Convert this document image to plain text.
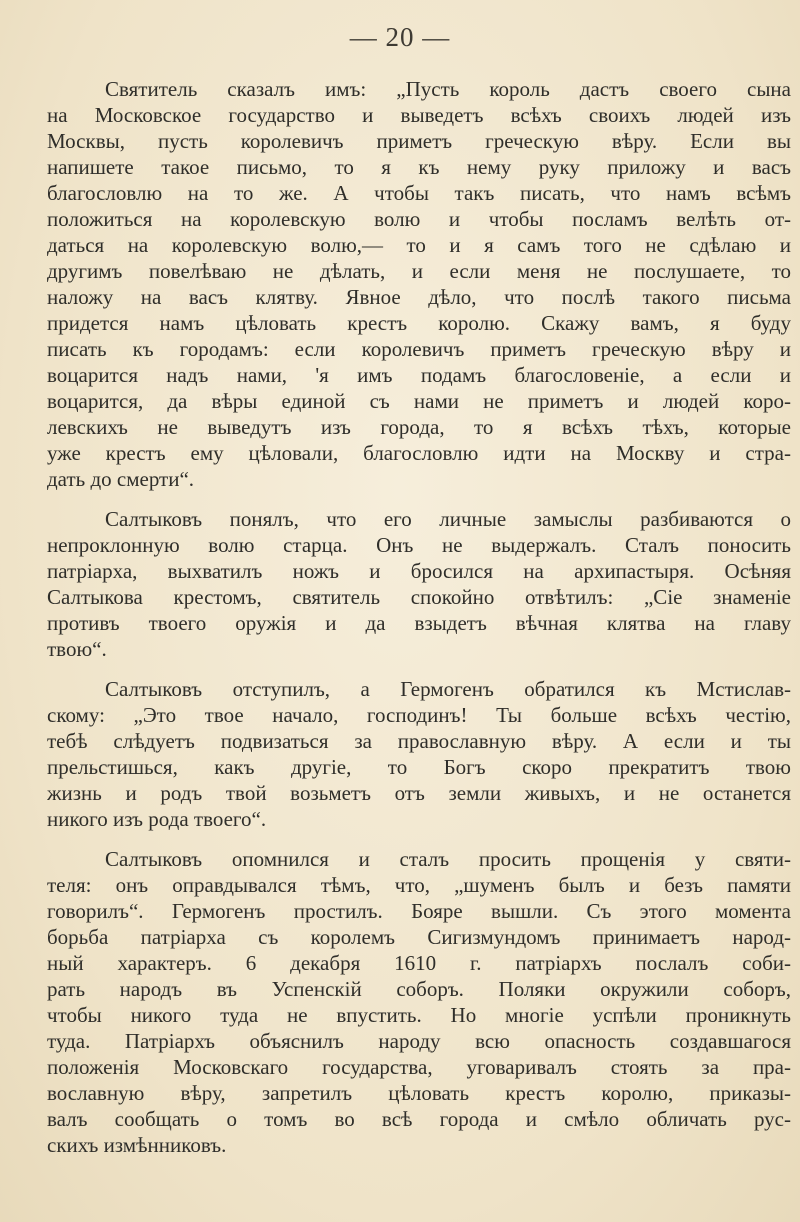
— 20 —
Святитель сказалъ имъ: „Пусть король дастъ своего сына
на Московское государство и выведетъ всѣхъ своихъ людей изъ
Москвы, пусть королевичъ приметъ греческую вѣру. Если вы
напишете такое письмо, то я къ нему руку приложу и васъ
благословлю на то же. А чтобы такъ писать, что намъ всѣмъ
положиться на королевскую волю и чтобы посламъ велѣть от-
даться на королевскую волю,— то и я самъ того не сдѣлаю и
другимъ повелѣваю не дѣлать, и если меня не послушаете, то
наложу на васъ клятву. Явное дѣло, что послѣ такого письма
придется намъ цѣловать крестъ королю. Скажу вамъ, я буду
писать къ городамъ: если королевичъ приметъ греческую вѣру и
воцарится надъ нами, 'я имъ подамъ благословеніе, а если и
воцарится, да вѣры единой съ нами не приметъ и людей коро-
левскихъ не выведутъ изъ города, то я всѣхъ тѣхъ, которые
уже крестъ ему цѣловали, благословлю идти на Москву и стра-
дать до смерти“.
Салтыковъ понялъ, что его личные замыслы разбиваются о
непроклонную волю старца. Онъ не выдержалъ. Сталъ поносить
патріарха, выхватилъ ножъ и бросился на архипастыря. Осѣняя
Салтыкова крестомъ, святитель спокойно отвѣтилъ: „Сіе знаменіе
противъ твоего оружія и да взыдетъ вѣчная клятва на главу
твою“.
Салтыковъ отступилъ, а Гермогенъ обратился къ Мстислав-
скому: „Это твое начало, господинъ! Ты больше всѣхъ честію,
тебѣ слѣдуетъ подвизаться за православную вѣру. А если и ты
прельстишься, какъ другіе, то Богъ скоро прекратитъ твою
жизнь и родъ твой возьметъ отъ земли живыхъ, и не останется
никого изъ рода твоего“.
Салтыковъ опомнился и сталъ просить прощенія у святи-
теля: онъ оправдывался тѣмъ, что, „шуменъ былъ и безъ памяти
говорилъ“. Гермогенъ простилъ. Бояре вышли. Съ этого момента
борьба патріарха съ королемъ Сигизмундомъ принимаетъ народ-
ный характеръ. 6 декабря 1610 г. патріархъ послалъ соби-
рать народъ въ Успенскій соборъ. Поляки окружили соборъ,
чтобы никого туда не впустить. Но многіе успѣли проникнуть
туда. Патріархъ объяснилъ народу всю опасность создавшагося
положенія Московскаго государства, уговаривалъ стоять за пра-
вославную вѣру, запретилъ цѣловать крестъ королю, приказы-
валъ сообщать о томъ во всѣ города и смѣло обличать рус-
скихъ измѣнниковъ.
